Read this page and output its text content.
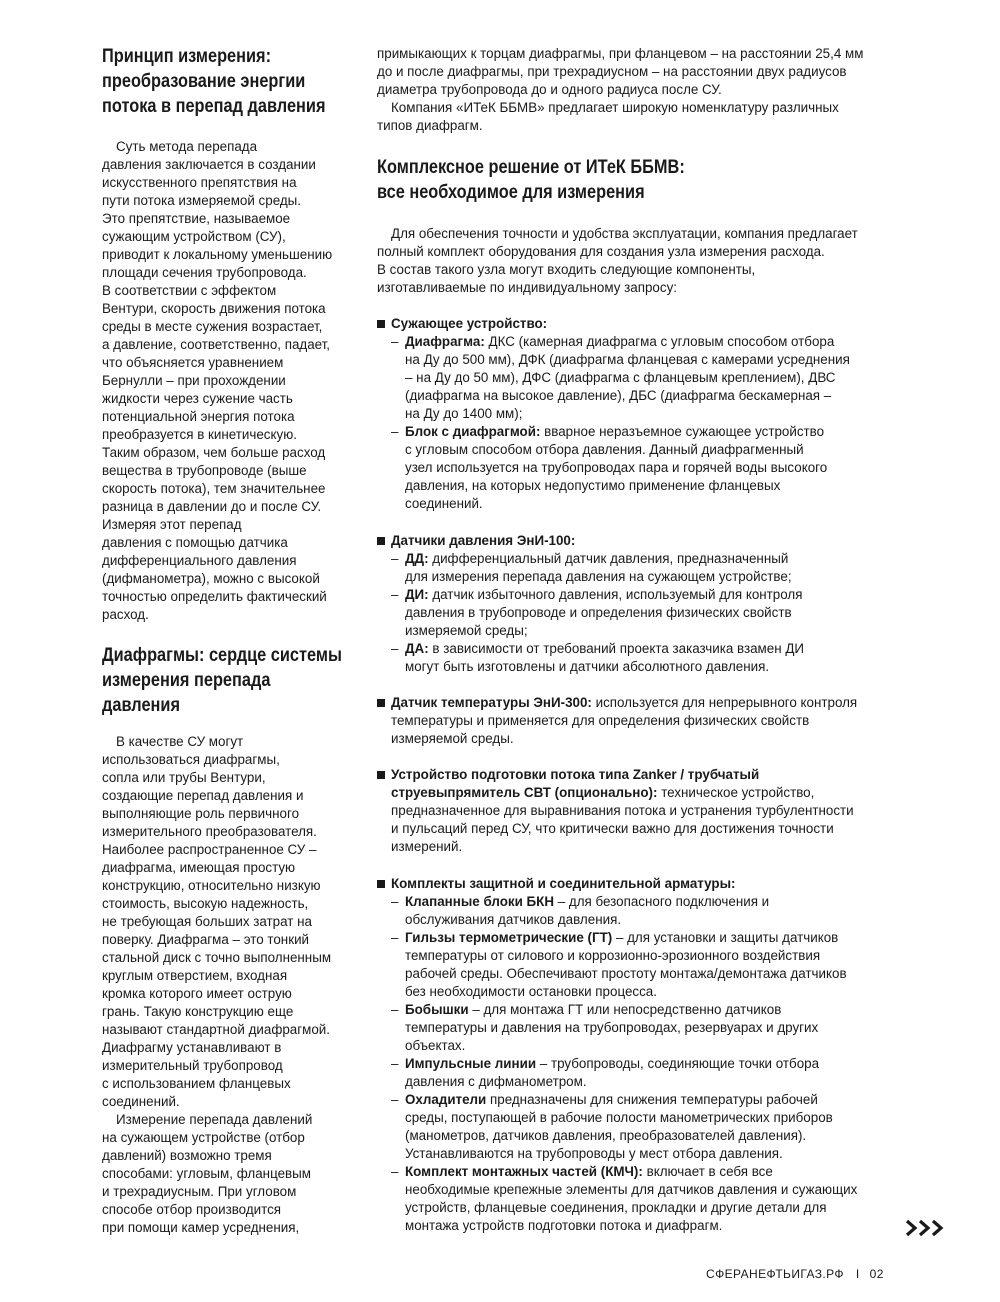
Принцип измерения:
преобразование энергии
потока в перепад давления
Суть метода перепада
давления заключается в создании
искусственного препятствия на
пути потока измеряемой среды.
Это препятствие, называемое
сужающим устройством (СУ),
приводит к локальному уменьшению
площади сечения трубопровода.
В соответствии с эффектом
Вентури, скорость движения потока
среды в месте сужения возрастает,
а давление, соответственно, падает,
что объясняется уравнением
Бернулли – при прохождении
жидкости через сужение часть
потенциальной энергия потока
преобразуется в кинетическую.
Таким образом, чем больше расход
вещества в трубопроводе (выше
скорость потока), тем значительнее
разница в давлении до и после СУ.
Измеряя этот перепад
давления с помощью датчика
дифференциального давления
(дифманометра), можно с высокой
точностью определить фактический
расход.
Диафрагмы: сердце системы
измерения перепада
давления
В качестве СУ могут
использоваться диафрагмы,
сопла или трубы Вентури,
создающие перепад давления и
выполняющие роль первичного
измерительного преобразователя.
Наиболее распространенное СУ –
диафрагма, имеющая простую
конструкцию, относительно низкую
стоимость, высокую надежность,
не требующая больших затрат на
поверку. Диафрагма – это тонкий
стальной диск с точно выполненным
круглым отверстием, входная
кромка которого имеет острую
грань. Такую конструкцию еще
называют стандартной диафрагмой.
Диафрагму устанавливают в
измерительный трубопровод
с использованием фланцевых
соединений.
Измерение перепада давлений
на сужающем устройстве (отбор
давлений) возможно тремя
способами: угловым, фланцевым
и трехрадиусным. При угловом
способе отбор производится
при помощи камер усреднения,
примыкающих к торцам диафрагмы, при фланцевом – на расстоянии 25,4 мм
до и после диафрагмы, при трехрадиусном – на расстоянии двух радиусов
диаметра трубопровода до и одного радиуса после СУ.
Компания «ИТеК ББМВ» предлагает широкую номенклатуру различных
типов диафрагм.
Комплексное решение от ИТеК ББМВ:
все необходимое для измерения
Для обеспечения точности и удобства эксплуатации, компания предлагает
полный комплект оборудования для создания узла измерения расхода.
В состав такого узла могут входить следующие компоненты,
изготавливаемые по индивидуальному запросу:
Сужающее устройство:
– Диафрагма: ДКС (камерная диафрагма с угловым способом отбора
на Ду до 500 мм), ДФК (диафрагма фланцевая с камерами усреднения
– на Ду до 50 мм), ДФС (диафрагма с фланцевым креплением), ДВС
(диафрагма на высокое давление), ДБС (диафрагма бескамерная –
на Ду до 1400 мм);
– Блок с диафрагмой: вварное неразъемное сужающее устройство
с угловым способом отбора давления. Данный диафрагменный
узел используется на трубопроводах пара и горячей воды высокого
давления, на которых недопустимо применение фланцевых
соединений.
Датчики давления ЭнИ-100:
– ДД: дифференциальный датчик давления, предназначенный
для измерения перепада давления на сужающем устройстве;
– ДИ: датчик избыточного давления, используемый для контроля
давления в трубопроводе и определения физических свойств
измеряемой среды;
– ДА: в зависимости от требований проекта заказчика взамен ДИ
могут быть изготовлены и датчики абсолютного давления.
Датчик температуры ЭнИ-300: используется для непрерывного контроля
температуры и применяется для определения физических свойств
измеряемой среды.
Устройство подготовки потока типа Zanker / трубчатый
струевыпрямитель СВТ (опционально): техническое устройство,
предназначенное для выравнивания потока и устранения турбулентности
и пульсаций перед СУ, что критически важно для достижения точности
измерений.
Комплекты защитной и соединительной арматуры:
– Клапанные блоки БКН – для безопасного подключения и
обслуживания датчиков давления.
– Гильзы термометрические (ГТ) – для установки и защиты датчиков
температуры от силового и коррозионно-эрозионного воздействия
рабочей среды. Обеспечивают простоту монтажа/демонтажа датчиков
без необходимости остановки процесса.
– Бобышки – для монтажа ГТ или непосредственно датчиков
температуры и давления на трубопроводах, резервуарах и других
объектах.
– Импульсные линии – трубопроводы, соединяющие точки отбора
давления с дифманометром.
– Охладители предназначены для снижения температуры рабочей
среды, поступающей в рабочие полости манометрических приборов
(манометров, датчиков давления, преобразователей давления).
Устанавливаются на трубопроводы у мест отбора давления.
– Комплект монтажных частей (КМЧ): включает в себя все
необходимые крепежные элементы для датчиков давления и сужающих
устройств, фланцевые соединения, прокладки и другие детали для
монтажа устройств подготовки потока и диафрагм.
СФЕРАНЕФТЬИГАЗ.РФ I 02
